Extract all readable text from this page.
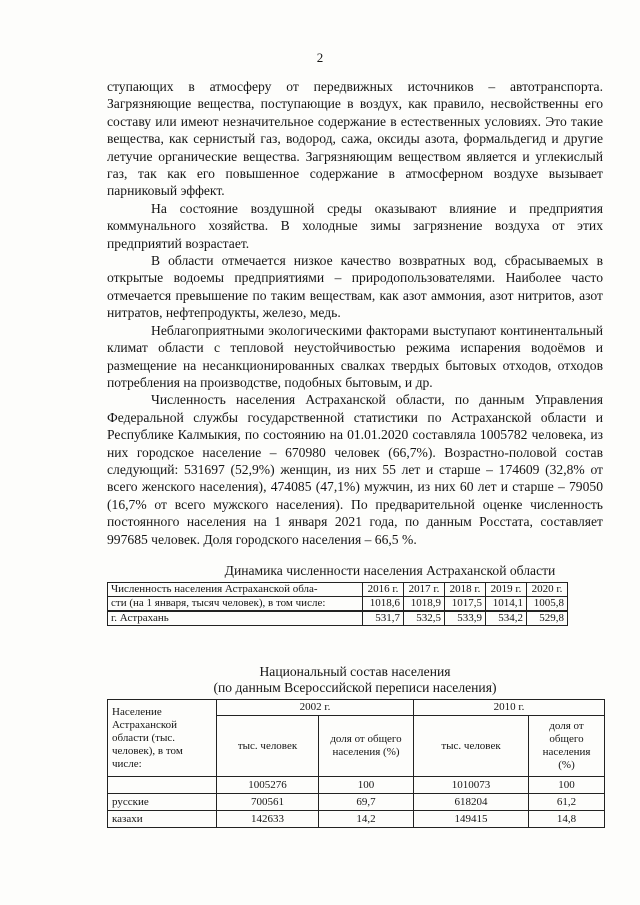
2

ступающих в атмосферу от передвижных источников – автотранспорта. Загрязняющие вещества, поступающие в воздух, как правило, несвойственны его составу или имеют незначительное содержание в естественных условиях. Это такие вещества, как сернистый газ, водород, сажа, оксиды азота, формальдегид и другие летучие органические вещества. Загрязняющим веществом является и углекислый газ, так как его повышенное содержание в атмосферном воздухе вызывает парниковый эффект.

На состояние воздушной среды оказывают влияние и предприятия коммунального хозяйства. В холодные зимы загрязнение воздуха от этих предприятий возрастает.

В области отмечается низкое качество возвратных вод, сбрасываемых в открытые водоемы предприятиями – природопользователями. Наиболее часто отмечается превышение по таким веществам, как азот аммония, азот нитритов, азот нитратов, нефтепродукты, железо, медь.

Неблагоприятными экологическими факторами выступают континентальный климат области с тепловой неустойчивостью режима испарения водоёмов и размещение на несанкционированных свалках твердых бытовых отходов, отходов потребления на производстве, подобных бытовым, и др.

Численность населения Астраханской области, по данным Управления Федеральной службы государственной статистики по Астраханской области и Республике Калмыкия, по состоянию на 01.01.2020 составляла 1005782 человека, из них городское население – 670980 человек (66,7%). Возрастно-половой состав следующий: 531697 (52,9%) женщин, из них 55 лет и старше – 174609 (32,8% от всего женского населения), 474085 (47,1%) мужчин, из них 60 лет и старше – 79050 (16,7% от всего мужского населения). По предварительной оценке численность постоянного населения на 1 января 2021 года, по данным Росстата, составляет 997685 человек. Доля городского населения – 66,5 %.

Динамика численности населения Астраханской области
Численность населения Астраханской обла-	2016 г.	2017 г.	2018 г.	2019 г.	2020 г.
сти (на 1 января, тысяч человек), в том числе:	1018,6	1018,9	1017,5	1014,1	1005,8
г. Астрахань	531,7	532,5	533,9	534,2	529,8
Национальный состав населения
(по данным Всероссийской переписи населения)
Население Астраханской области (тыс. человек), в том числе:	2002 г.		2010 г.	
	тыс. человек	доля от общего населения (%)	тыс. человек	доля от общего населения (%)
	1005276	100	1010073	100
русские	700561	69,7	618204	61,2
казахи	142633	14,2	149415	14,8
